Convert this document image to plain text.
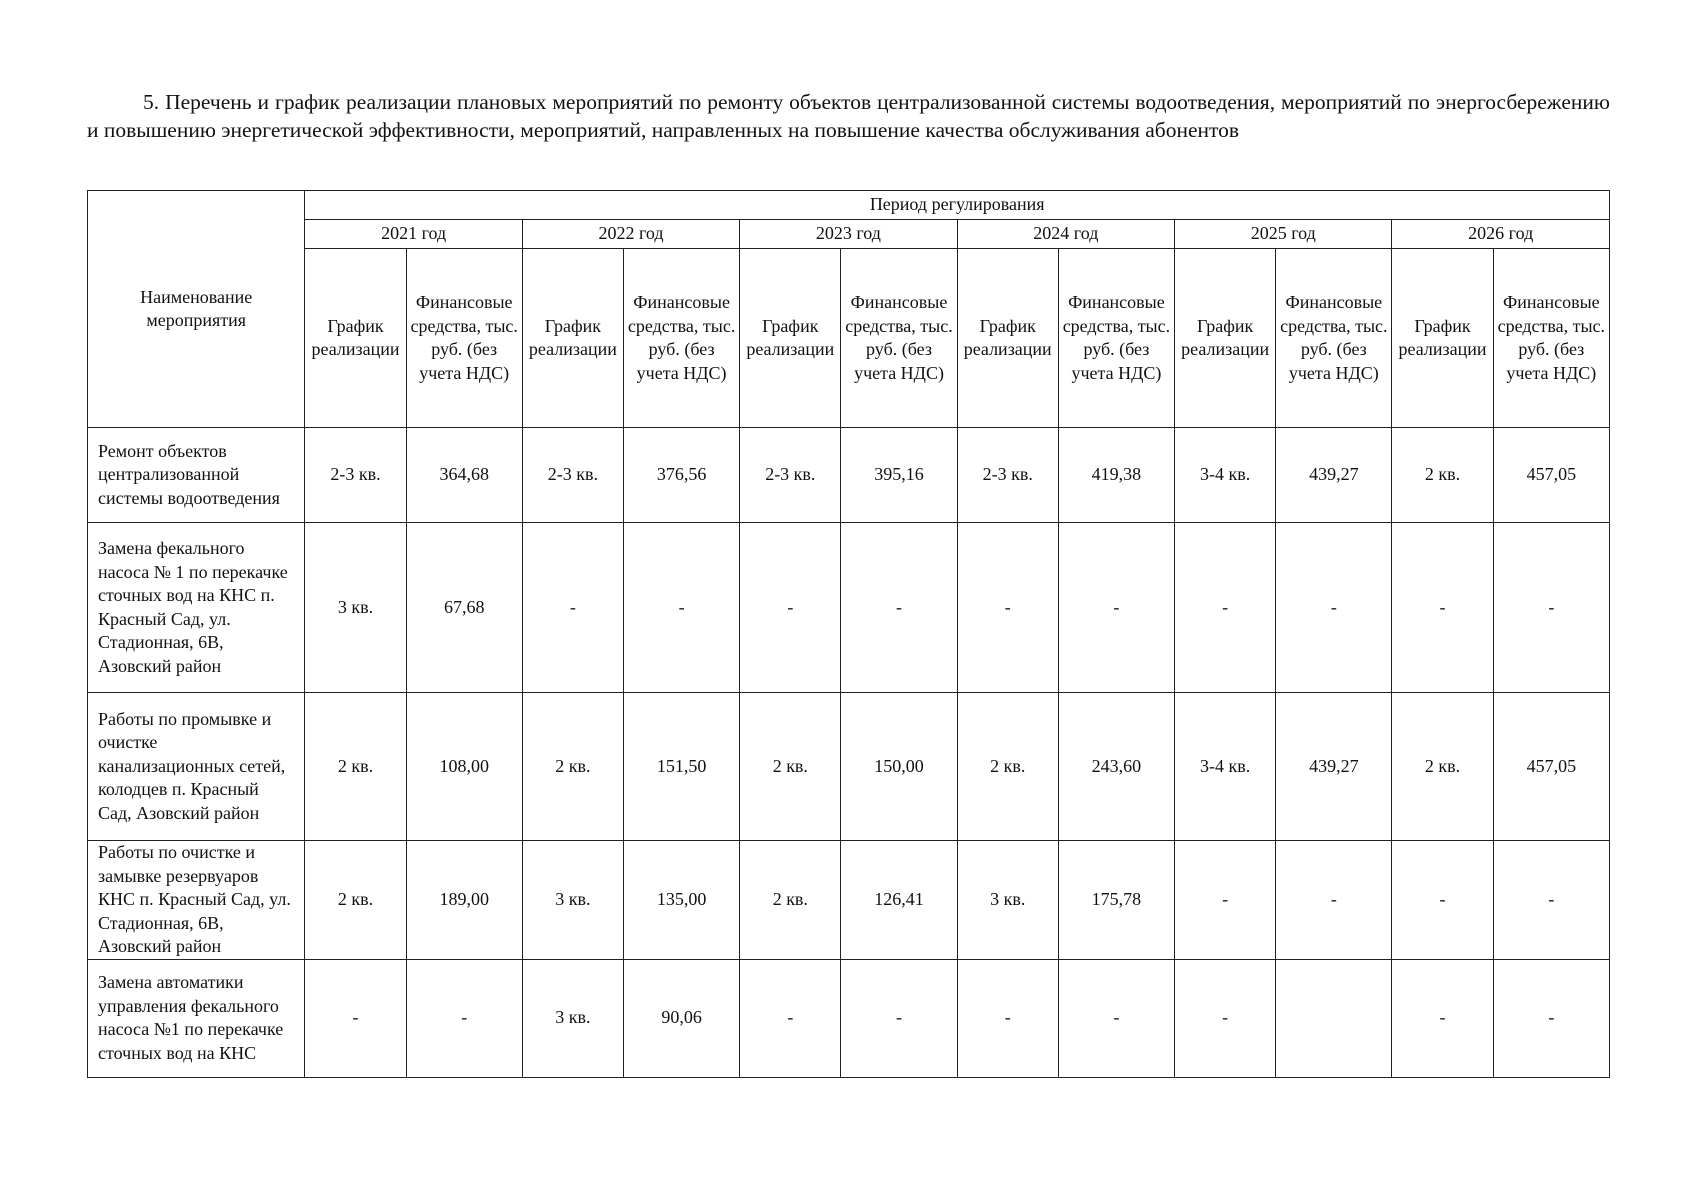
5. Перечень и график реализации плановых мероприятий по ремонту объектов централизованной системы водоотведения, мероприятий по энергосбережению и повышению энергетической эффективности, мероприятий, направленных на повышение качества обслуживания абонентов
Наименование мероприятия	Период регулирования											
	2021 год		2022 год		2023 год		2024 год		2025 год		2026 год	
	График реализации	Финансовые средства, тыс. руб. (без учета НДС)	График реализации	Финансовые средства, тыс. руб. (без учета НДС)	График реализации	Финансовые средства, тыс. руб. (без учета НДС)	График реализации	Финансовые средства, тыс. руб. (без учета НДС)	График реализации	Финансовые средства, тыс. руб. (без учета НДС)	График реализации	Финансовые средства, тыс. руб. (без учета НДС)
Ремонт объектов централизованной системы водоотведения	2-3 кв.	364,68	2-3 кв.	376,56	2-3 кв.	395,16	2-3 кв.	419,38	3-4 кв.	439,27	2 кв.	457,05
Замена фекального насоса № 1 по перекачке сточных вод на КНС п. Красный Сад, ул. Стадионная, 6В, Азовский район	3 кв.	67,68	-	-	-	-	-	-	-	-	-	-
Работы по промывке и очистке канализационных сетей, колодцев п. Красный Сад, Азовский район	2 кв.	108,00	2 кв.	151,50	2 кв.	150,00	2 кв.	243,60	3-4 кв.	439,27	2 кв.	457,05
Работы по очистке и замывке резервуаров КНС п. Красный Сад, ул. Стадионная, 6В, Азовский район	2 кв.	189,00	3 кв.	135,00	2 кв.	126,41	3 кв.	175,78	-	-	-	-
Замена автоматики управления фекального насоса №1 по перекачке сточных вод на КНС	-	-	3 кв.	90,06	-	-	-	-	-		-	-
